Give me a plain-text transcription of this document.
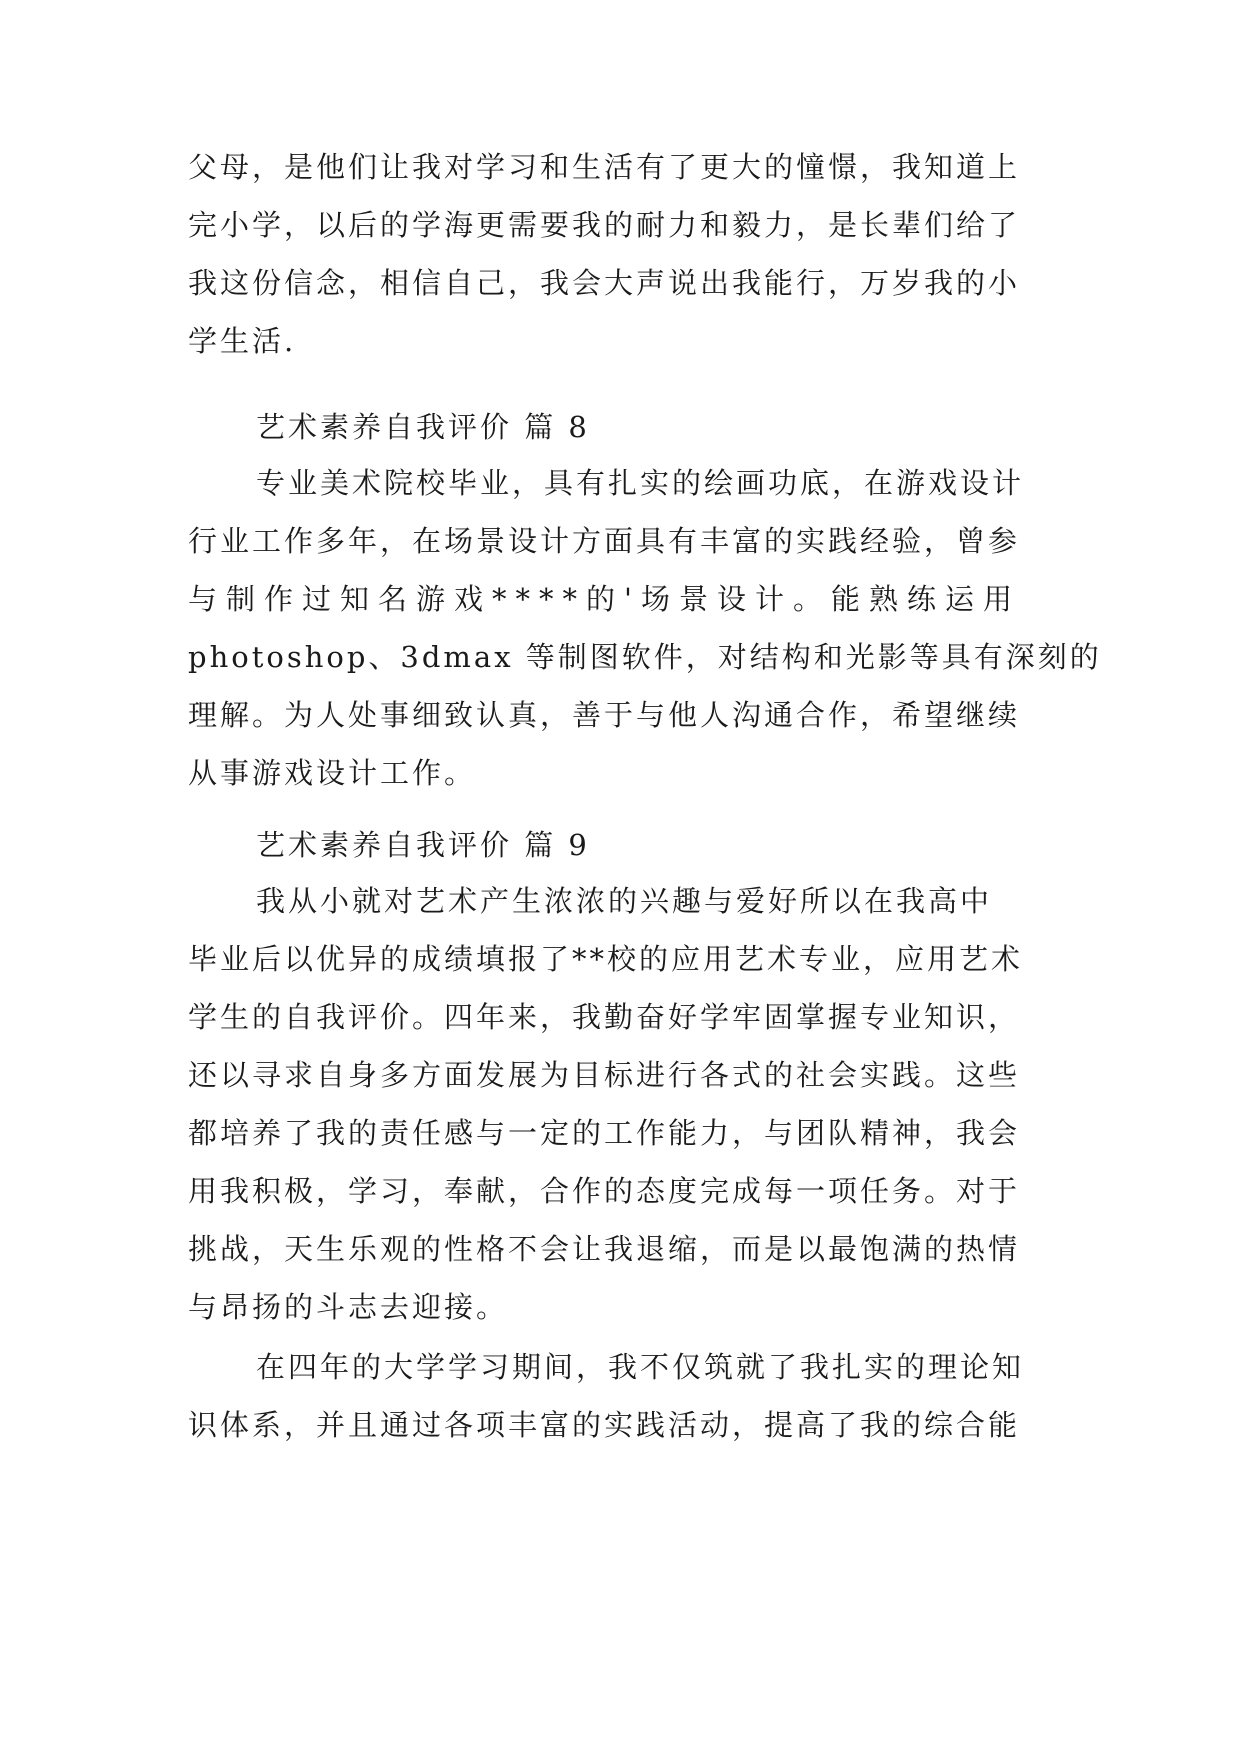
父母，是他们让我对学习和生活有了更大的憧憬，我知道上
完小学，以后的学海更需要我的耐力和毅力，是长辈们给了
我这份信念，相信自己，我会大声说出我能行，万岁我的小
学生活.
艺术素养自我评价 篇 8
专业美术院校毕业，具有扎实的绘画功底，在游戏设计
行业工作多年，在场景设计方面具有丰富的实践经验，曾参
与制作过知名游戏****的'场景设计。能熟练运用
photoshop、3dmax 等制图软件，对结构和光影等具有深刻的
理解。为人处事细致认真，善于与他人沟通合作，希望继续
从事游戏设计工作。
艺术素养自我评价 篇 9
我从小就对艺术产生浓浓的兴趣与爱好所以在我高中
毕业后以优异的成绩填报了**校的应用艺术专业，应用艺术
学生的自我评价。四年来，我勤奋好学牢固掌握专业知识，
还以寻求自身多方面发展为目标进行各式的社会实践。这些
都培养了我的责任感与一定的工作能力，与团队精神，我会
用我积极，学习，奉献，合作的态度完成每一项任务。对于
挑战，天生乐观的性格不会让我退缩，而是以最饱满的热情
与昂扬的斗志去迎接。
在四年的大学学习期间，我不仅筑就了我扎实的理论知
识体系，并且通过各项丰富的实践活动，提高了我的综合能
